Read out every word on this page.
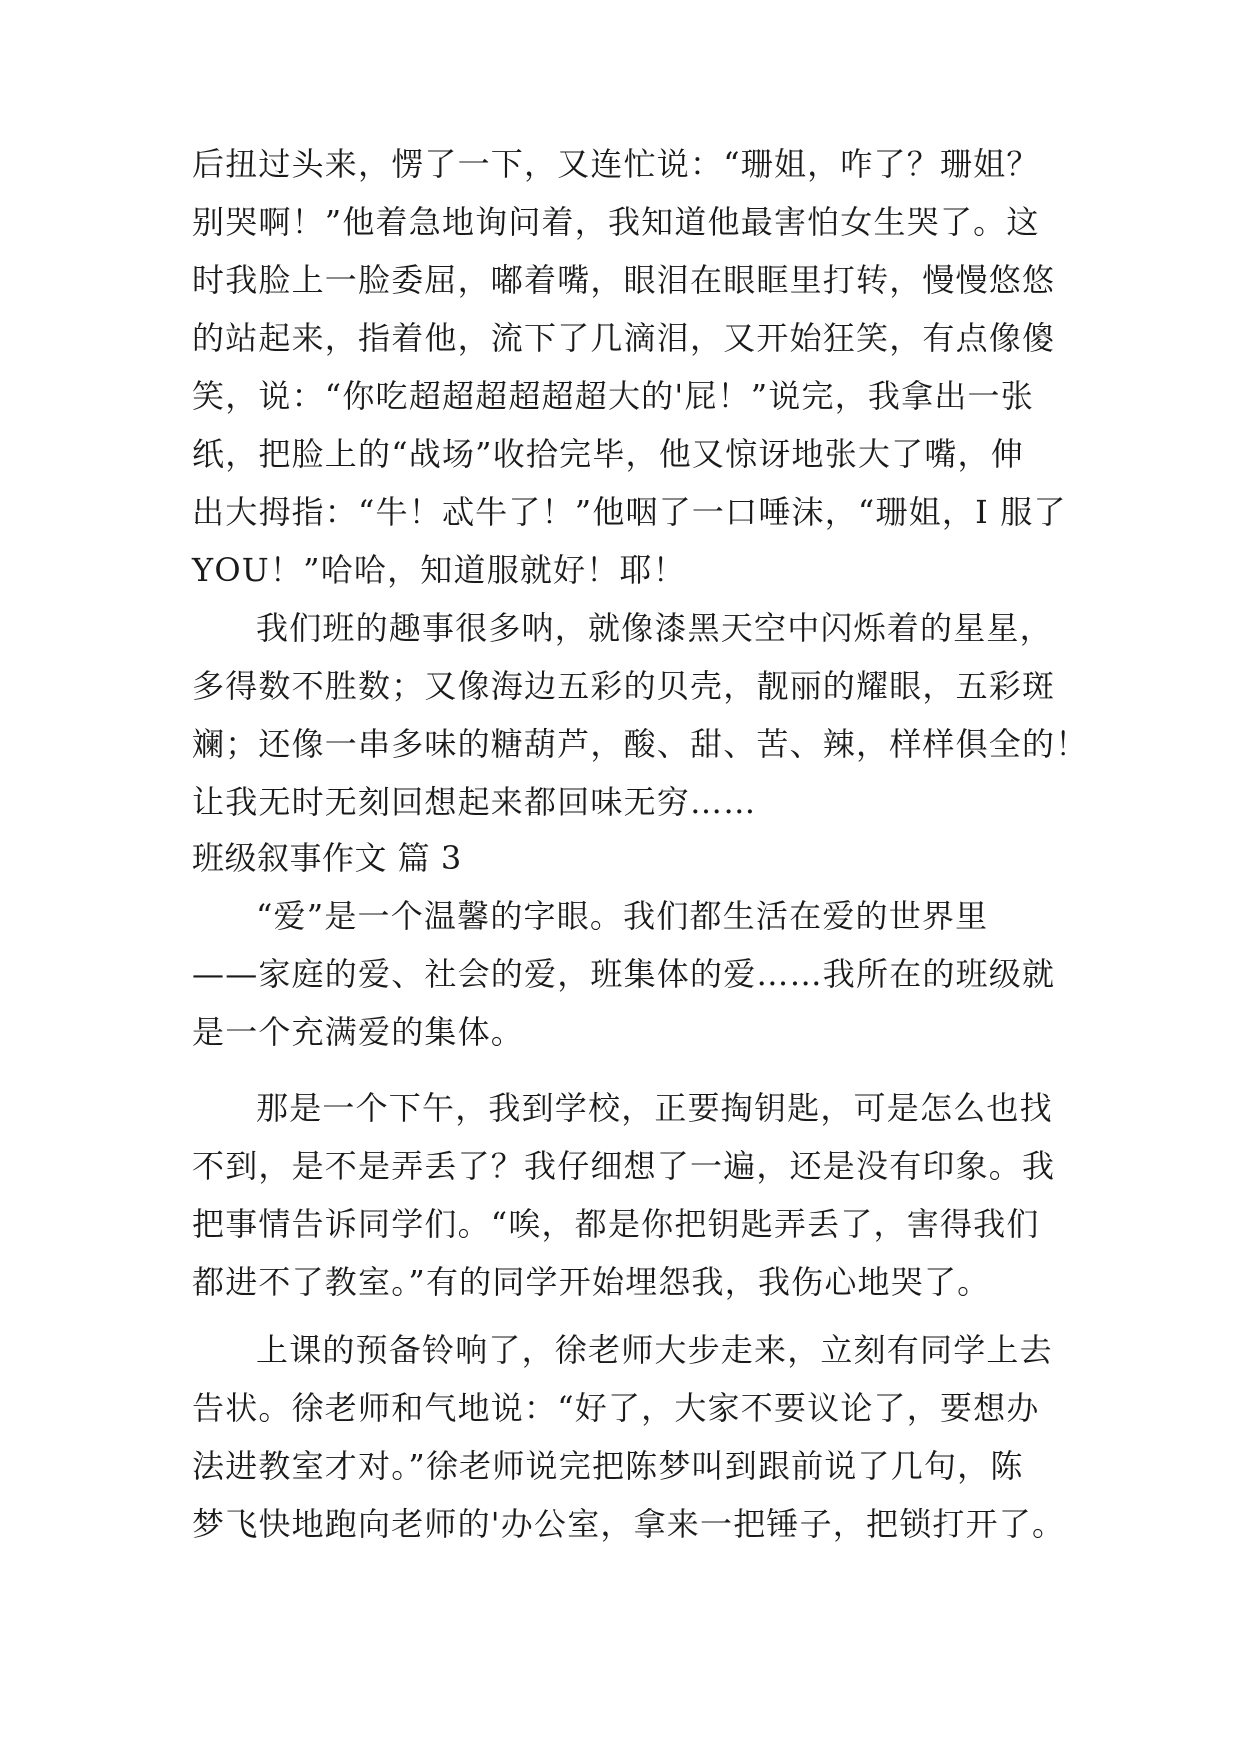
后扭过头来，愣了一下，又连忙说：“珊姐，咋了？珊姐？
别哭啊！”他着急地询问着，我知道他最害怕女生哭了。这
时我脸上一脸委屈，嘟着嘴，眼泪在眼眶里打转，慢慢悠悠
的站起来，指着他，流下了几滴泪，又开始狂笑，有点像傻
笑，说：“你吃超超超超超超大的'屁！”说完，我拿出一张
纸，把脸上的“战场”收拾完毕，他又惊讶地张大了嘴，伸
出大拇指：“牛！忒牛了！”他咽了一口唾沫，“珊姐，I 服了
YOU！”哈哈，知道服就好！耶！
我们班的趣事很多呐，就像漆黑天空中闪烁着的星星，
多得数不胜数；又像海边五彩的贝壳，靓丽的耀眼，五彩斑
斓；还像一串多味的糖葫芦，酸、甜、苦、辣，样样俱全的！
让我无时无刻回想起来都回味无穷……
班级叙事作文 篇 3
“爱”是一个温馨的字眼。我们都生活在爱的世界里
——家庭的爱、社会的爱，班集体的爱……我所在的班级就
是一个充满爱的集体。
那是一个下午，我到学校，正要掏钥匙，可是怎么也找
不到，是不是弄丢了？我仔细想了一遍，还是没有印象。我
把事情告诉同学们。“唉，都是你把钥匙弄丢了，害得我们
都进不了教室。”有的同学开始埋怨我，我伤心地哭了。
上课的预备铃响了，徐老师大步走来，立刻有同学上去
告状。徐老师和气地说：“好了，大家不要议论了，要想办
法进教室才对。”徐老师说完把陈梦叫到跟前说了几句，陈
梦飞快地跑向老师的'办公室，拿来一把锤子，把锁打开了。
